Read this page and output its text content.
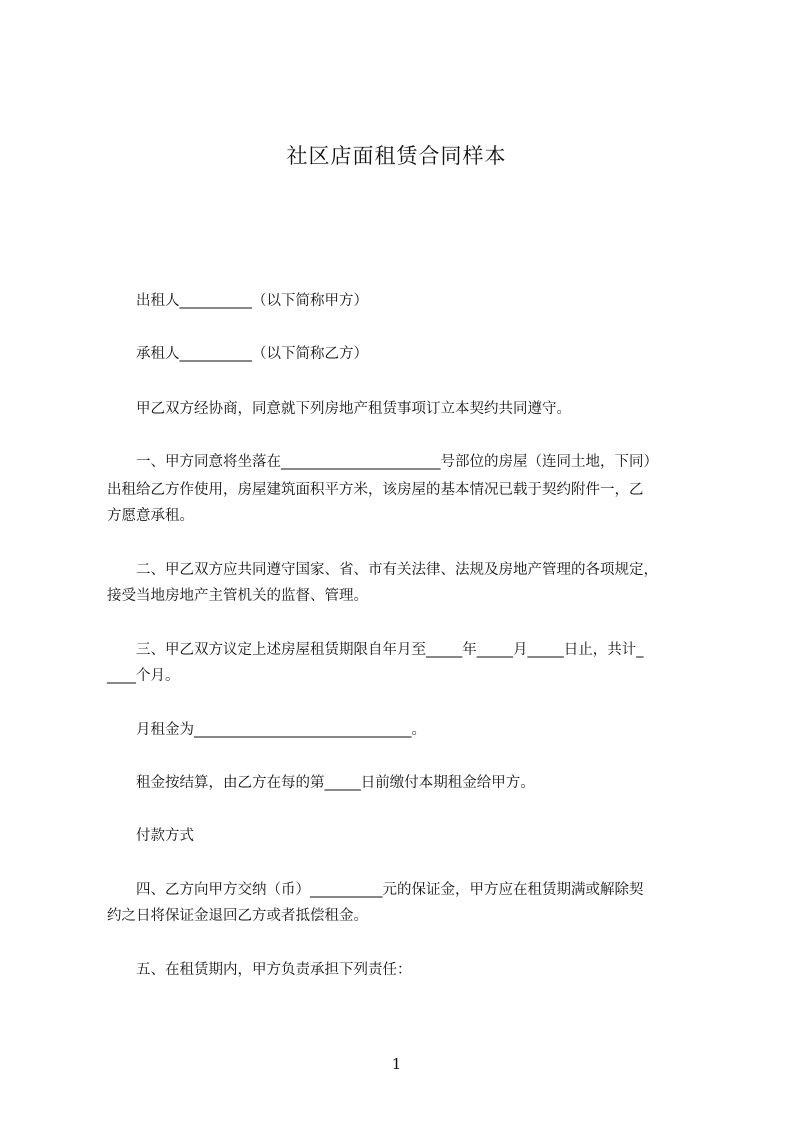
社区店面租赁合同样本
出租人__________（以下简称甲方）
承租人__________（以下简称乙方）
甲乙双方经协商，同意就下列房地产租赁事项订立本契约共同遵守。
一、甲方同意将坐落在______________________号部位的房屋（连同土地，下同）
出租给乙方作使用，房屋建筑面积平方米，该房屋的基本情况已载于契约附件一，乙
方愿意承租。
二、甲乙双方应共同遵守国家、省、市有关法律、法规及房地产管理的各项规定，
接受当地房地产主管机关的监督、管理。
三、甲乙双方议定上述房屋租赁期限自年月至_____年_____月_____日止，共计_
____个月。
月租金为______________________________。
租金按结算，由乙方在每的第_____日前缴付本期租金给甲方。
付款方式
四、乙方向甲方交纳（币）__________元的保证金，甲方应在租赁期满或解除契
约之日将保证金退回乙方或者抵偿租金。
五、在租赁期内，甲方负责承担下列责任：
1
